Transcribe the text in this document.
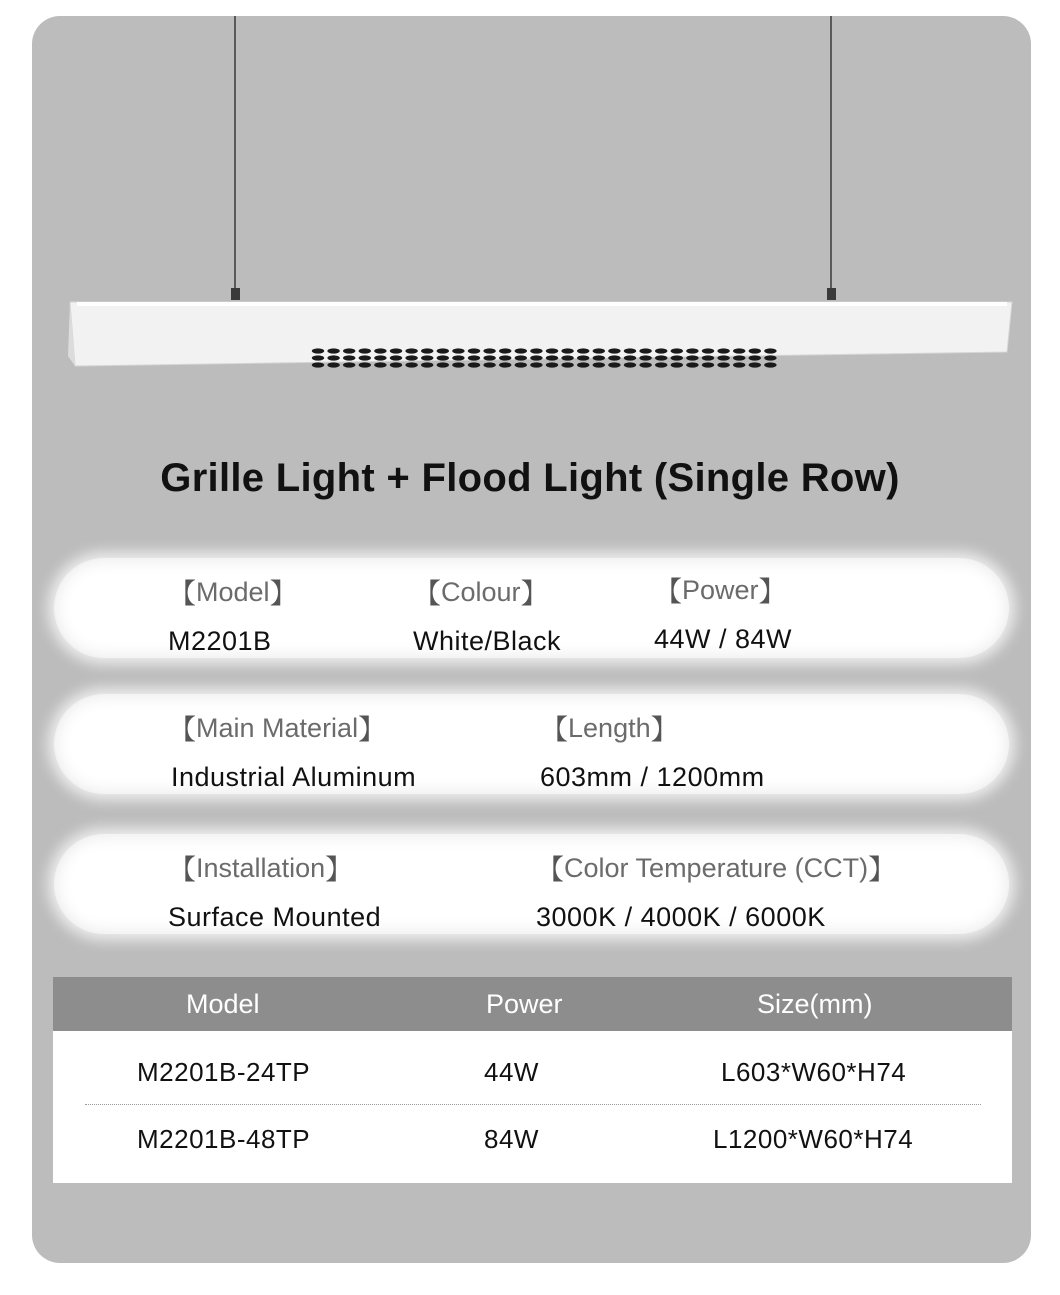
Grille Light + Flood Light (Single Row)
【 Model 】
M2201B
【 Colour 】
White/Black
【 Power 】
44W / 84W
【 Main Material 】
Industrial Aluminum
【 Length 】
603mm / 1200mm
【 Installation 】
Surface Mounted
【 Color Temperature (CCT) 】
3000K / 4000K / 6000K
Model	Power	Size(mm)
M2201B-24TP	44W	L603*W60*H74
M2201B-48TP	84W	L1200*W60*H74
